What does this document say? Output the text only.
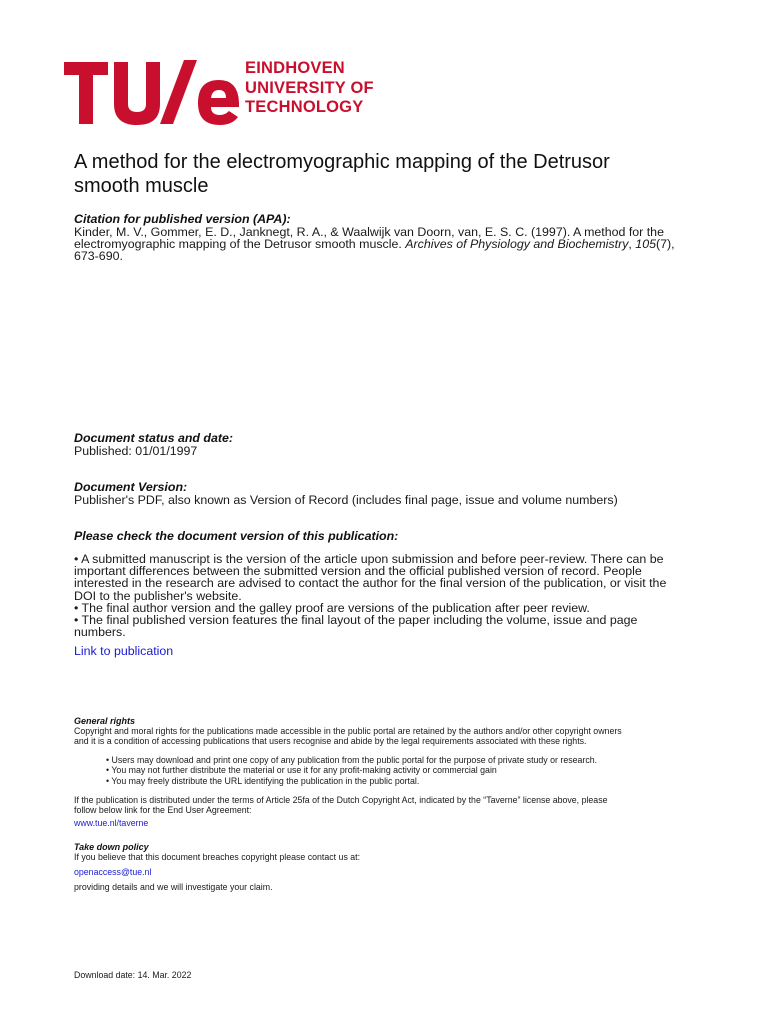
EINDHOVEN
UNIVERSITY OF
TECHNOLOGY
A method for the electromyographic mapping of the Detrusor
smooth muscle
Citation for published version (APA):
Kinder, M. V., Gommer, E. D., Janknegt, R. A., & Waalwijk van Doorn, van, E. S. C. (1997). A method for the
electromyographic mapping of the Detrusor smooth muscle. Archives of Physiology and Biochemistry, 105(7),
673-690.
Document status and date:
Published: 01/01/1997
Document Version:
Publisher's PDF, also known as Version of Record (includes final page, issue and volume numbers)
Please check the document version of this publication:
• A submitted manuscript is the version of the article upon submission and before peer-review. There can be
important differences between the submitted version and the official published version of record. People
interested in the research are advised to contact the author for the final version of the publication, or visit the
DOI to the publisher's website.
• The final author version and the galley proof are versions of the publication after peer review.
• The final published version features the final layout of the paper including the volume, issue and page
numbers.
Link to publication
General rights
Copyright and moral rights for the publications made accessible in the public portal are retained by the authors and/or other copyright owners
and it is a condition of accessing publications that users recognise and abide by the legal requirements associated with these rights.
• Users may download and print one copy of any publication from the public portal for the purpose of private study or research.
• You may not further distribute the material or use it for any profit-making activity or commercial gain
• You may freely distribute the URL identifying the publication in the public portal.
If the publication is distributed under the terms of Article 25fa of the Dutch Copyright Act, indicated by the “Taverne” license above, please
follow below link for the End User Agreement:
www.tue.nl/taverne
Take down policy
If you believe that this document breaches copyright please contact us at:
openaccess@tue.nl
providing details and we will investigate your claim.
Download date: 14. Mar. 2022
